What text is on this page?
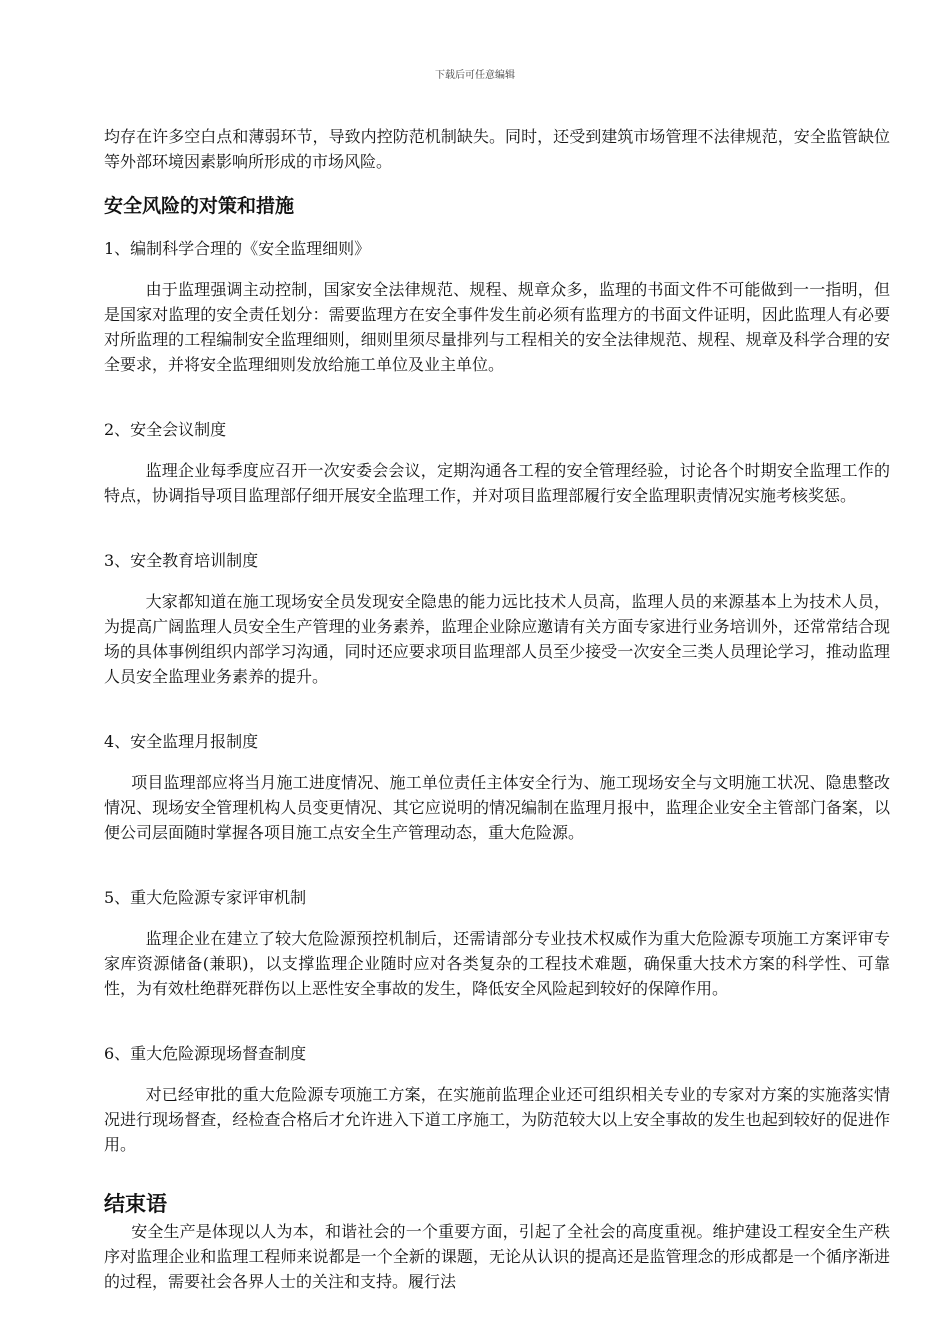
下载后可任意编辑

均存在许多空白点和薄弱环节，导致内控防范机制缺失。同时，还受到建筑市场管理不法律规范，安全监管缺位等外部环境因素影响所形成的市场风险。

安全风险的对策和措施
1、编制科学合理的《安全监理细则》

由于监理强调主动控制，国家安全法律规范、规程、规章众多，监理的书面文件不可能做到一一指明，但是国家对监理的安全责任划分：需要监理方在安全事件发生前必须有监理方的书面文件证明，因此监理人有必要对所监理的工程编制安全监理细则，细则里须尽量排列与工程相关的安全法律规范、规程、规章及科学合理的安全要求，并将安全监理细则发放给施工单位及业主单位。

2、安全会议制度

监理企业每季度应召开一次安委会会议，定期沟通各工程的安全管理经验，讨论各个时期安全监理工作的特点，协调指导项目监理部仔细开展安全监理工作，并对项目监理部履行安全监理职责情况实施考核奖惩。

3、安全教育培训制度

大家都知道在施工现场安全员发现安全隐患的能力远比技术人员高，监理人员的来源基本上为技术人员，为提高广阔监理人员安全生产管理的业务素养，监理企业除应邀请有关方面专家进行业务培训外，还常常结合现场的具体事例组织内部学习沟通，同时还应要求项目监理部人员至少接受一次安全三类人员理论学习，推动监理人员安全监理业务素养的提升。

4、安全监理月报制度

项目监理部应将当月施工进度情况、施工单位责任主体安全行为、施工现场安全与文明施工状况、隐患整改情况、现场安全管理机构人员变更情况、其它应说明的情况编制在监理月报中，监理企业安全主管部门备案，以便公司层面随时掌握各项目施工点安全生产管理动态，重大危险源。

5、重大危险源专家评审机制

监理企业在建立了较大危险源预控机制后，还需请部分专业技术权威作为重大危险源专项施工方案评审专家库资源储备(兼职)，以支撑监理企业随时应对各类复杂的工程技术难题，确保重大技术方案的科学性、可靠性，为有效杜绝群死群伤以上恶性安全事故的发生，降低安全风险起到较好的保障作用。

6、重大危险源现场督查制度

对已经审批的重大危险源专项施工方案，在实施前监理企业还可组织相关专业的专家对方案的实施落实情况进行现场督查，经检查合格后才允许进入下道工序施工，为防范较大以上安全事故的发生也起到较好的促进作用。

结束语

安全生产是体现以人为本，和谐社会的一个重要方面，引起了全社会的高度重视。维护建设工程安全生产秩序对监理企业和监理工程师来说都是一个全新的课题，无论从认识的提高还是监管理念的形成都是一个循序渐进的过程，需要社会各界人士的关注和支持。履行法
